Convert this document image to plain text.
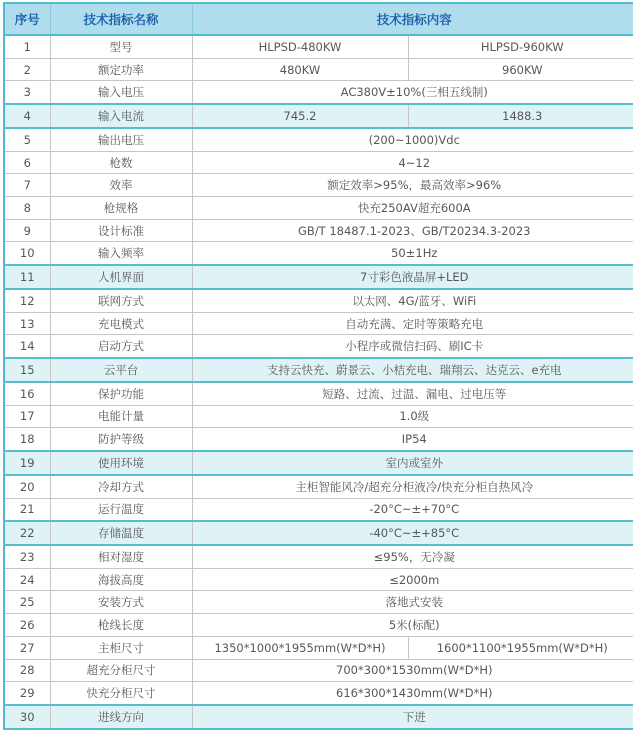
序号	技术指标名称	技术指标内容	
1	型号	HLPSD-480KW	HLPSD-960KW
2	额定功率	480KW	960KW
3	输入电压	AC380V±10%(三相五线制)	
4	输入电流	745.2	1488.3
5	输出电压	(200~1000)Vdc	
6	枪数	4~12	
7	效率	额定效率>95%，最高效率>96%	
8	枪规格	快充250AV超充600A	
9	设计标准	GB/T 18487.1-2023、GB/T20234.3-2023	
10	输入频率	50±1Hz	
11	人机界面	7寸彩色液晶屏+LED	
12	联网方式	以太网、4G/蓝牙、WiFi	
13	充电模式	自动充满、定时等策略充电	
14	启动方式	小程序或微信扫码、刷IC卡	
15	云平台	支持云快充、蔚景云、小桔充电、瑞翔云、达克云、e充电	
16	保护功能	短路、过流、过温、漏电、过电压等	
17	电能计量	1.0级	
18	防护等级	IP54	
19	使用环境	室内或室外	
20	冷却方式	主柜智能风冷/超充分柜液冷/快充分柜自热风冷	
21	运行温度	-20°C~±+70°C	
22	存储温度	-40°C~±+85°C	
23	相对湿度	≤95%，无冷凝	
24	海拔高度	≤2000m	
25	安装方式	落地式安装	
26	枪线长度	5米(标配)	
27	主柜尺寸	1350*1000*1955mm(W*D*H)	1600*1100*1955mm(W*D*H)
28	超充分柜尺寸	700*300*1530mm(W*D*H)	
29	快充分柜尺寸	616*300*1430mm(W*D*H)	
30	进线方向	下进	
